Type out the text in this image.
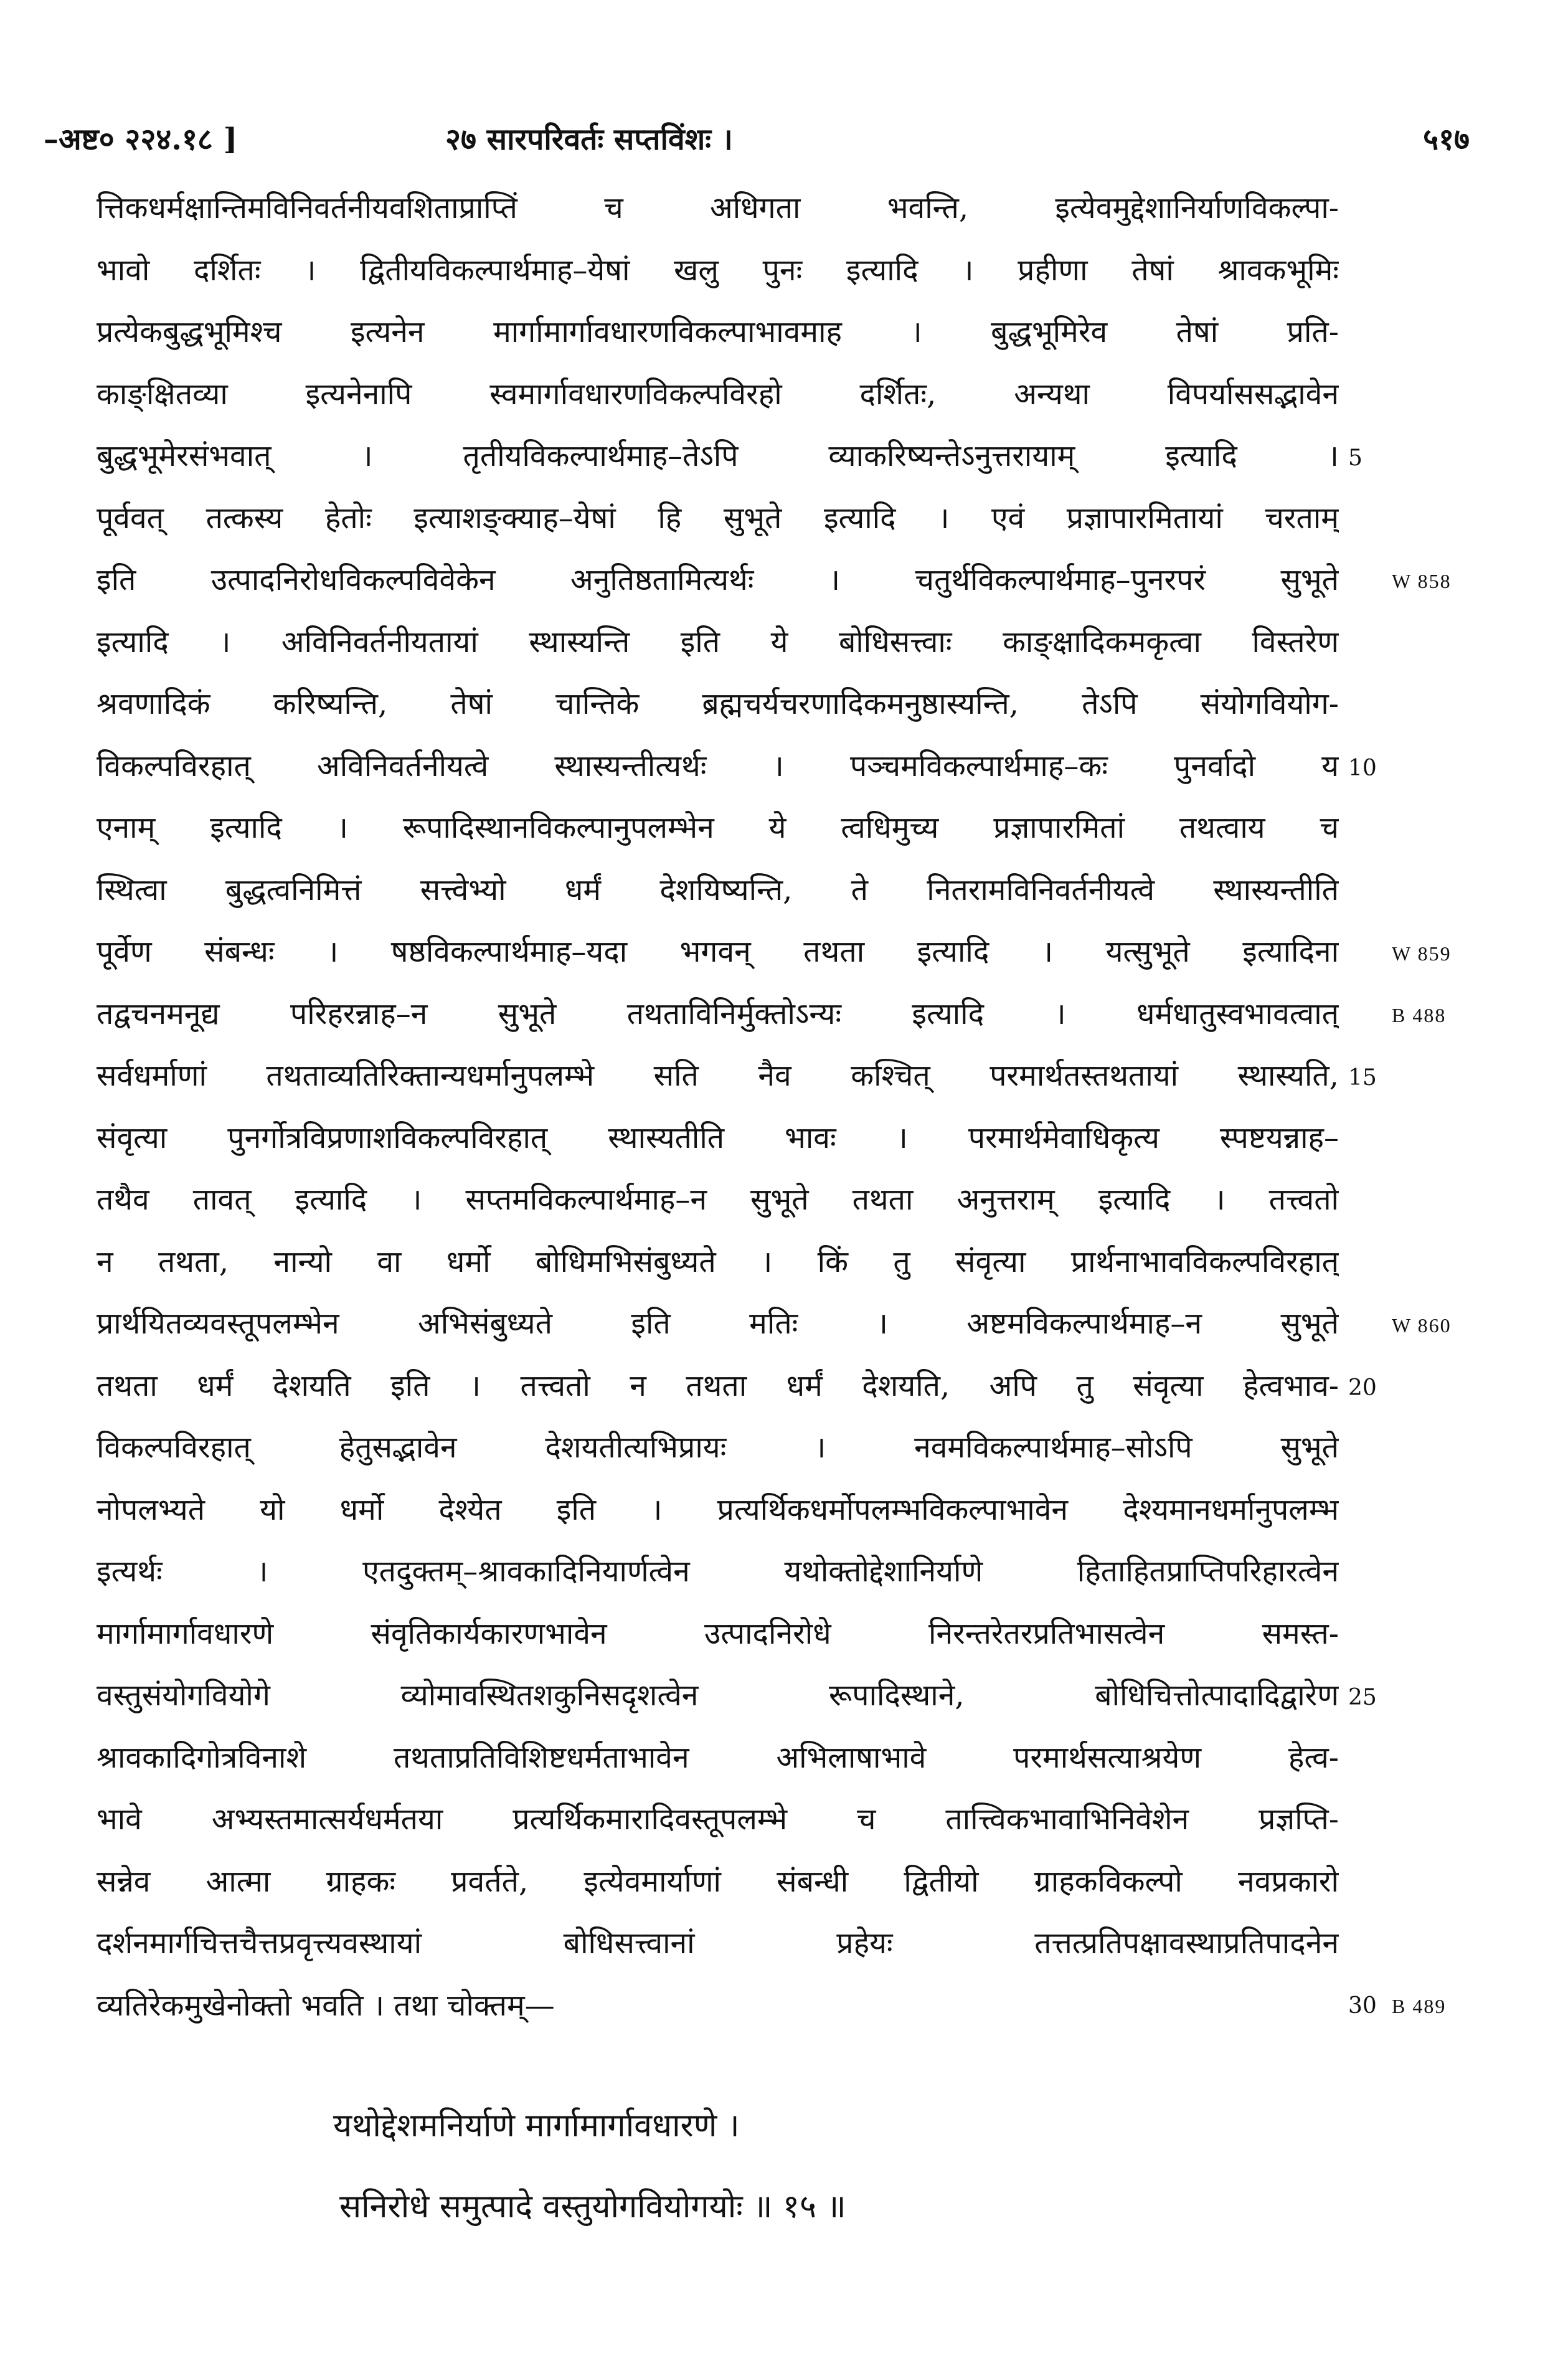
–अष्ट० २२४.१८ ]	२७ सारपरिवर्तः सप्तविंशः ।	५१७
त्तिकधर्मक्षान्तिमविनिवर्तनीयवशिताप्राप्तिं च अधिगता भवन्ति, इत्येवमुद्देशानिर्याणविकल्पा-
भावो दर्शितः । द्वितीयविकल्पार्थमाह–येषां खलु पुनः इत्यादि । प्रहीणा तेषां श्रावकभूमिः
प्रत्येकबुद्धभूमिश्च इत्यनेन मार्गामार्गावधारणविकल्पाभावमाह । बुद्धभूमिरेव तेषां प्रति-
काङ्क्षितव्या इत्यनेनापि स्वमार्गावधारणविकल्पविरहो दर्शितः, अन्यथा विपर्यासस‌द्भावेन
बुद्धभूमेरसंभवात् । तृतीयविकल्पार्थमाह–तेऽपि व्याकरिष्यन्तेऽनुत्तरायाम् इत्यादि ।
पूर्ववत् तत्कस्य हेतोः इत्याशङ्क्याह–येषां हि सुभूते इत्यादि । एवं प्रज्ञापारमितायां चरताम्
इति उत्पादनिरोधविकल्पविवेकेन अनुतिष्ठतामित्यर्थः । चतुर्थविकल्पार्थमाह–पुनरपरं सुभूते
इत्यादि । अविनिवर्तनीयतायां स्थास्यन्ति इति ये बोधिसत्त्वाः काङ्क्षादिकमकृत्वा विस्तरेण
श्रवणादिकं करिष्यन्ति, तेषां चान्तिके ब्रह्मचर्यचरणादिकमनुष्ठास्यन्ति, तेऽपि संयोगवियोग-
विकल्पविरहात् अविनिवर्तनीयत्वे स्थास्यन्तीत्यर्थः । पञ्चमविकल्पार्थमाह–कः पुनर्वादो य
एनाम् इत्यादि । रूपादिस्थानविकल्पानुपलम्भेन ये त्वधिमुच्य प्रज्ञापारमितां तथत्वाय च
स्थित्वा बुद्धत्वनिमित्तं सत्त्वेभ्यो धर्मं देशयिष्यन्ति, ते नितरामविनिवर्तनीयत्वे स्थास्यन्तीति
पूर्वेण संबन्धः । षष्ठविकल्पार्थमाह–यदा भगवन् तथता इत्यादि । यत्सुभूते इत्यादिना
तद्वचनमनूद्य परिहरन्नाह–न सुभूते तथताविनिर्मुक्तोऽन्यः इत्यादि । धर्मधातुस्वभावत्वात्
सर्वधर्माणां तथताव्यतिरिक्तान्यधर्मानुपलम्भे सति नैव कश्चित् परमार्थतस्तथतायां स्थास्यति,
संवृत्या पुनर्गोत्रविप्रणाशविकल्पविरहात् स्थास्यतीति भावः । परमार्थमेवाधिकृत्य स्पष्टयन्नाह–
तथैव तावत् इत्यादि । सप्तमविकल्पार्थमाह–न सुभूते तथता अनुत्तराम् इत्यादि । तत्त्वतो
न तथता, नान्यो वा धर्मो बोधिमभिसंबुध्यते । किं तु संवृत्या प्रार्थनाभावविकल्पविरहात्
प्रार्थयितव्यवस्तूपलम्भेन अभिसंबुध्यते इति मतिः । अष्टमविकल्पार्थमाह–न सुभूते
तथता धर्मं देशयति इति । तत्त्वतो न तथता धर्मं देशयति, अपि तु संवृत्या हेत्वभाव-
विकल्पविरहात् हेतुसद्भावेन देशयतीत्यभिप्रायः । नवमविकल्पार्थमाह–सोऽपि सुभूते
नोपलभ्यते यो धर्मो देश्येत इति । प्रत्यर्थिकधर्मोपलम्भविकल्पाभावेन देश्यमानधर्मानुपलम्भ
इत्यर्थः । एतदुक्तम्–श्रावकादिनियार्णत्वेन यथोक्तोद्देशानिर्याणे हिताहितप्राप्तिपरिहारत्वेन
मार्गामार्गावधारणे संवृतिकार्यकारणभावेन उत्पादनिरोधे निरन्तरेतरप्रतिभासत्वेन समस्त-
वस्तुसंयोगवियोगे व्योमावस्थितशकुनिसदृशत्वेन रूपादिस्थाने, बोधिचित्तोत्पादादिद्वारेण
श्रावकादिगोत्रविनाशे तथताप्रतिविशिष्टधर्मताभावेन अभिलाषाभावे परमार्थसत्याश्रयेण हेत्व-
भावे अभ्यस्तमात्सर्यधर्मतया प्रत्यर्थिकमारादिवस्तूपलम्भे च तात्त्विकभावाभिनिवेशेन प्रज्ञप्ति-
सन्नेव आत्मा ग्राहकः प्रवर्तते, इत्येवमार्याणां संबन्धी द्वितीयो ग्राहकविकल्पो नवप्रकारो
दर्शनमार्गचित्तचैत्तप्रवृत्त्यवस्थायां बोधिसत्त्वानां प्रहेयः तत्तत्प्रतिपक्षावस्थाप्रतिपादनेन
व्यतिरेकमुखेनोक्तो भवति । तथा चोक्तम्—
5
10
15
20
25
30
W 858
W 859
B 488
W 860
B 489
यथोद्देशमनिर्याणे मार्गामार्गावधारणे ।
सनिरोधे समुत्पादे वस्तुयोगवियोगयोः ॥ १५ ॥
